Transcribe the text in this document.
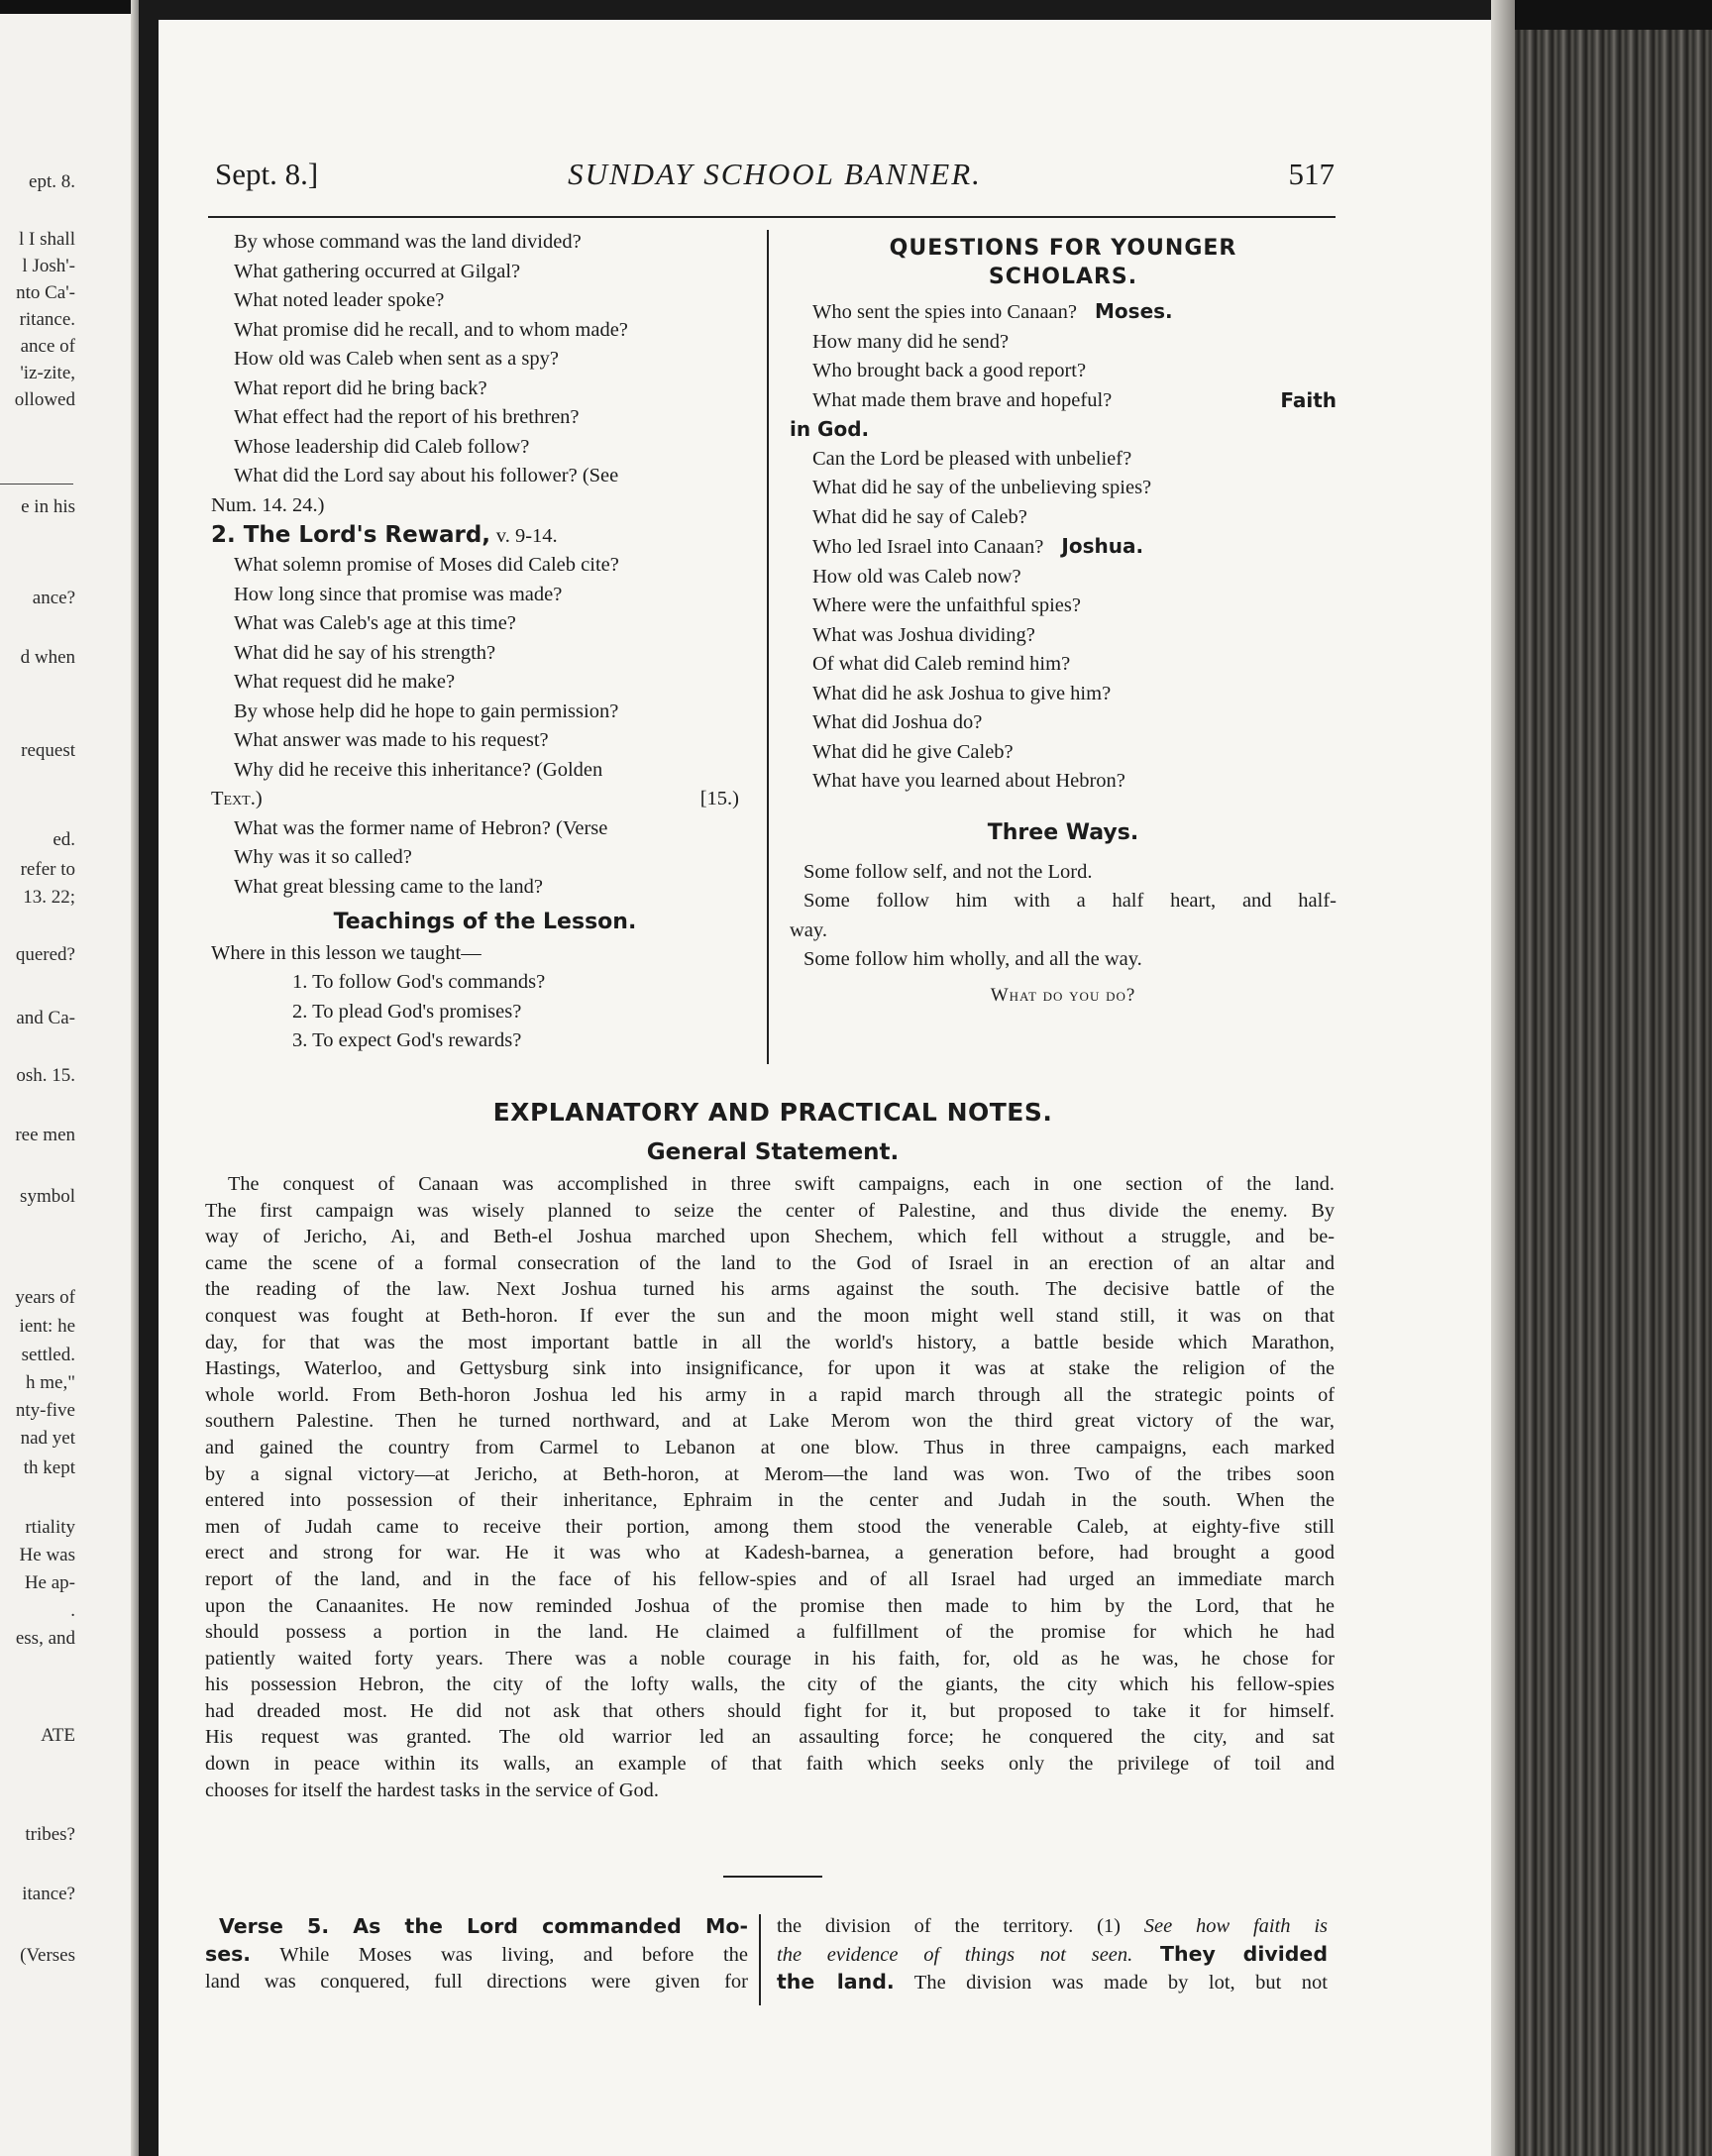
ept. 8.
l I shall
l Josh'-
nto Ca'-
ritance.
ance of
'iz-zite,
ollowed
e in his
ance?
d when
request
ed.
refer to
13. 22;
quered?
and Ca-
osh. 15.
ree men
symbol
years of
ient: he
settled.
h me,"
nty-five
nad yet
th kept
rtiality
He was
He ap-
.
ess, and
ATE
tribes?
itance?
(Verses
Sept. 8.]	SUNDAY SCHOOL BANNER.	517
By whose command was the land divided?
What gathering occurred at Gilgal?
What noted leader spoke?
What promise did he recall, and to whom made?
How old was Caleb when sent as a spy?
What report did he bring back?
What effect had the report of his brethren?
Whose leadership did Caleb follow?
What did the Lord say about his follower? (See
Num. 14. 24.)
2. The Lord's Reward, v. 9-14.
What solemn promise of Moses did Caleb cite?
How long since that promise was made?
What was Caleb's age at this time?
What did he say of his strength?
What request did he make?
By whose help did he hope to gain permission?
What answer was made to his request?
Why did he receive this inheritance? (Golden
Text.)	[15.)
What was the former name of Hebron? (Verse
Why was it so called?
What great blessing came to the land?
Teachings of the Lesson.
Where in this lesson we taught—
1. To follow God's commands?
2. To plead God's promises?
3. To expect God's rewards?
QUESTIONS FOR YOUNGER
SCHOLARS.
Who sent the spies into Canaan? Moses.
How many did he send?
Who brought back a good report?
What made them brave and hopeful?	Faith
in God.
Can the Lord be pleased with unbelief?
What did he say of the unbelieving spies?
What did he say of Caleb?
Who led Israel into Canaan? Joshua.
How old was Caleb now?
Where were the unfaithful spies?
What was Joshua dividing?
Of what did Caleb remind him?
What did he ask Joshua to give him?
What did Joshua do?
What did he give Caleb?
What have you learned about Hebron?
Three Ways.
Some follow self, and not the Lord.
Some follow him with a half heart, and half-
way.
Some follow him wholly, and all the way.
What do you do?
EXPLANATORY AND PRACTICAL NOTES.
General Statement.
The conquest of Canaan was accomplished in three swift campaigns, each in one section of the land.
The first campaign was wisely planned to seize the center of Palestine, and thus divide the enemy. By
way of Jericho, Ai, and Beth-el Joshua marched upon Shechem, which fell without a struggle, and be-
came the scene of a formal consecration of the land to the God of Israel in an erection of an altar and
the reading of the law. Next Joshua turned his arms against the south. The decisive battle of the
conquest was fought at Beth-horon. If ever the sun and the moon might well stand still, it was on that
day, for that was the most important battle in all the world's history, a battle beside which Marathon,
Hastings, Waterloo, and Gettysburg sink into insignificance, for upon it was at stake the religion of the
whole world. From Beth-horon Joshua led his army in a rapid march through all the strategic points of
southern Palestine. Then he turned northward, and at Lake Merom won the third great victory of the war,
and gained the country from Carmel to Lebanon at one blow. Thus in three campaigns, each marked
by a signal victory—at Jericho, at Beth-horon, at Merom—the land was won. Two of the tribes soon
entered into possession of their inheritance, Ephraim in the center and Judah in the south. When the
men of Judah came to receive their portion, among them stood the venerable Caleb, at eighty-five still
erect and strong for war. He it was who at Kadesh-barnea, a generation before, had brought a good
report of the land, and in the face of his fellow-spies and of all Israel had urged an immediate march
upon the Canaanites. He now reminded Joshua of the promise then made to him by the Lord, that he
should possess a portion in the land. He claimed a fulfillment of the promise for which he had
patiently waited forty years. There was a noble courage in his faith, for, old as he was, he chose for
his possession Hebron, the city of the lofty walls, the city of the giants, the city which his fellow-spies
had dreaded most. He did not ask that others should fight for it, but proposed to take it for himself.
His request was granted. The old warrior led an assaulting force; he conquered the city, and sat
down in peace within its walls, an example of that faith which seeks only the privilege of toil and
chooses for itself the hardest tasks in the service of God.
Verse 5. As the Lord commanded Mo-
ses. While Moses was living, and before the
land was conquered, full directions were given for
the division of the territory. (1) See how faith is
the evidence of things not seen. They divided
the land. The division was made by lot, but not
